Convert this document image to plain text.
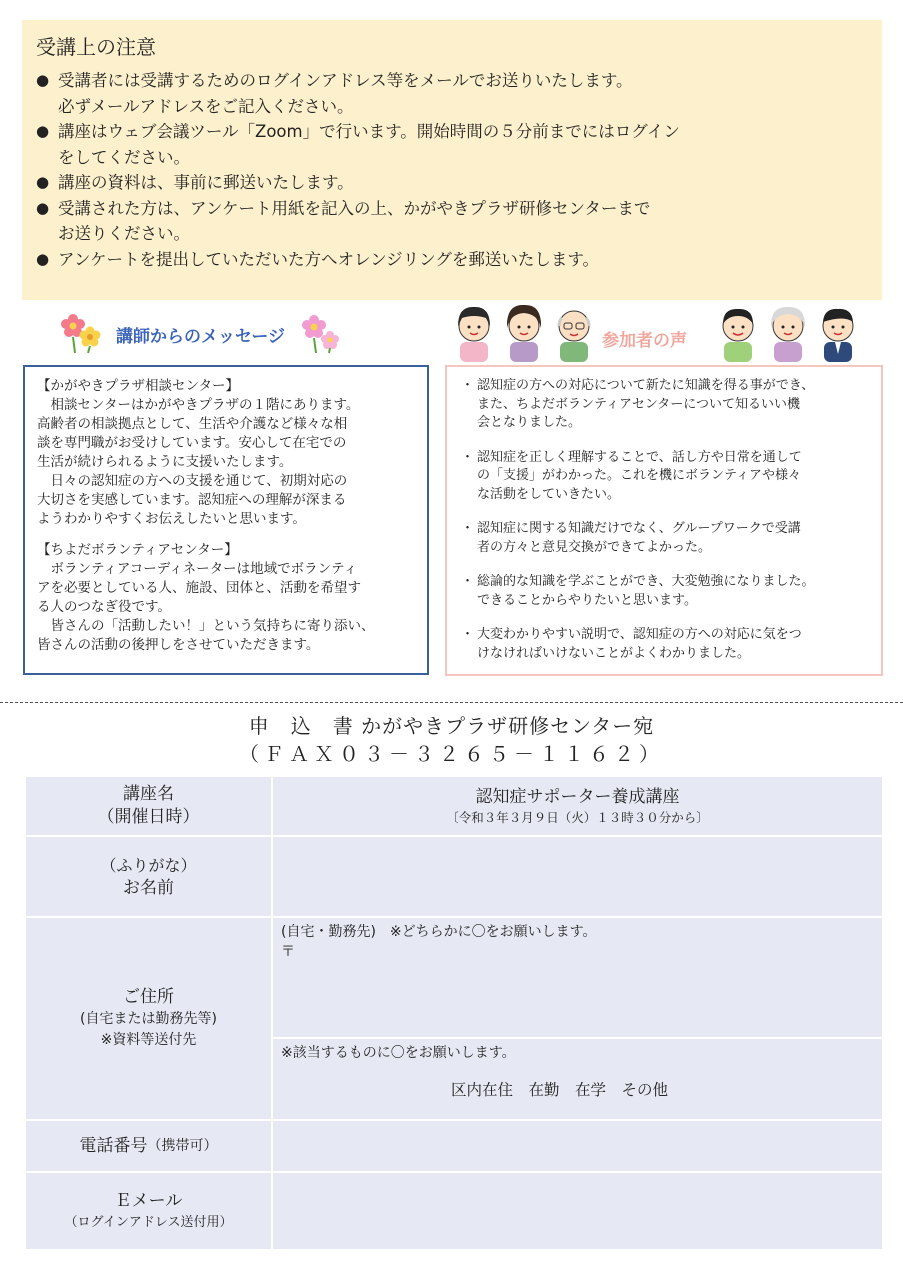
受講上の注意
● 受講者には受講するためのログインアドレス等をメールでお送りいたします。
必ずメールアドレスをご記入ください。
● 講座はウェブ会議ツール「Zoom」で行います。開始時間の５分前までにはログイン
をしてください。
● 講座の資料は、事前に郵送いたします。
● 受講された方は、アンケート用紙を記入の上、かがやきプラザ研修センターまで
お送りください。
● アンケートを提出していただいた方へオレンジリングを郵送いたします。
講師からのメッセージ	参加者の声
【かがやきプラザ相談センター】
　相談センターはかがやきプラザの１階にあります。
高齢者の相談拠点として、生活や介護など様々な相
談を専門職がお受けしています。安心して在宅での
生活が続けられるように支援いたします。
　日々の認知症の方への支援を通じて、初期対応の
大切さを実感しています。認知症への理解が深まる
ようわかりやすくお伝えしたいと思います。
【ちよだボランティアセンター】
　ボランティアコーディネーターは地域でボランティ
アを必要としている人、施設、団体と、活動を希望す
る人のつなぎ役です。
　皆さんの「活動したい！」という気持ちに寄り添い、
皆さんの活動の後押しをさせていただきます。
・ 認知症の方への対応について新たに知識を得る事ができ、
また、ちよだボランティアセンターについて知るいい機
会となりました。
・ 認知症を正しく理解することで、話し方や日常を通して
の「支援」がわかった。これを機にボランティアや様々
な活動をしていきたい。
・ 認知症に関する知識だけでなく、グループワークで受講
者の方々と意見交換ができてよかった。
・ 総論的な知識を学ぶことができ、大変勉強になりました。
できることからやりたいと思います。
・ 大変わかりやすい説明で、認知症の方への対応に気をつ
けなければいけないことがよくわかりました。
申　込　書 かがやきプラザ研修センター宛
（ＦＡＸ０３－３２６５－１１６２）
講座名
（開催日時）
認知症サポーター養成講座
〔令和３年３月９日（火）１３時３０分から〕
（ふりがな）
お名前
ご住所
(自宅または勤務先等)
※資料等送付先
(自宅・勤務先)　※どちらかに〇をお願いします。
〒
※該当するものに〇をお願いします。
区内在住　在勤　在学　その他
電話番号 （携帯可）
Ｅメール
（ログインアドレス送付用）
